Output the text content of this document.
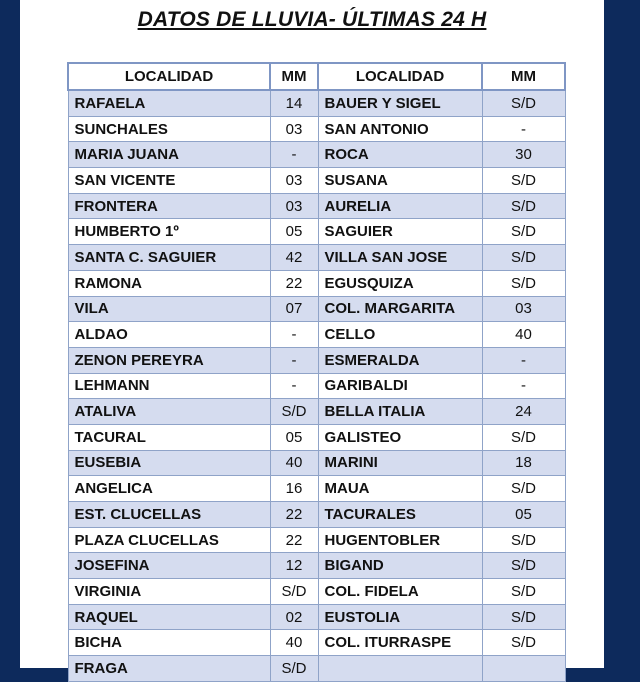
DATOS DE LLUVIA- ÚLTIMAS 24 H
LOCALIDAD	MM	LOCALIDAD	MM
RAFAELA	14	BAUER Y SIGEL	S/D
SUNCHALES	03	SAN ANTONIO	-
MARIA JUANA	-	ROCA	30
SAN VICENTE	03	SUSANA	S/D
FRONTERA	03	AURELIA	S/D
HUMBERTO 1º	05	SAGUIER	S/D
SANTA C. SAGUIER	42	VILLA SAN JOSE	S/D
RAMONA	22	EGUSQUIZA	S/D
VILA	07	COL. MARGARITA	03
ALDAO	-	CELLO	40
ZENON PEREYRA	-	ESMERALDA	-
LEHMANN	-	GARIBALDI	-
ATALIVA	S/D	BELLA ITALIA	24
TACURAL	05	GALISTEO	S/D
EUSEBIA	40	MARINI	18
ANGELICA	16	MAUA	S/D
EST. CLUCELLAS	22	TACURALES	05
PLAZA CLUCELLAS	22	HUGENTOBLER	S/D
JOSEFINA	12	BIGAND	S/D
VIRGINIA	S/D	COL. FIDELA	S/D
RAQUEL	02	EUSTOLIA	S/D
BICHA	40	COL. ITURRASPE	S/D
FRAGA	S/D		
